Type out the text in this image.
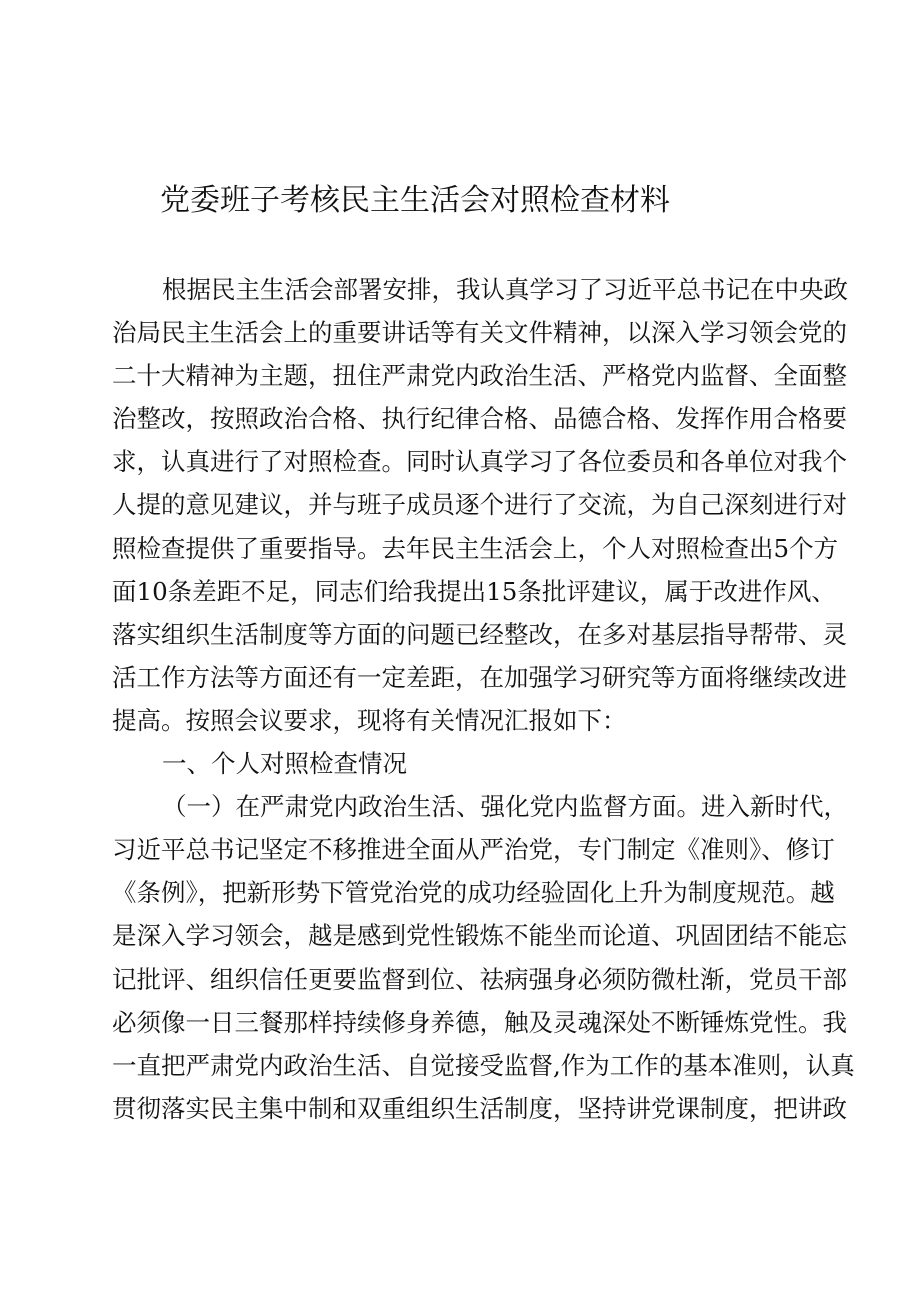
党委班子考核民主生活会对照检查材料
根据民主生活会部署安排，我认真学习了习近平总书记在中央政
治局民主生活会上的重要讲话等有关文件精神，以深入学习领会党的
二十大精神为主题，扭住严肃党内政治生活、严格党内监督、全面整
治整改，按照政治合格、执行纪律合格、品德合格、发挥作用合格要
求，认真进行了对照检查。同时认真学习了各位委员和各单位对我个
人提的意见建议，并与班子成员逐个进行了交流，为自己深刻进行对
照检查提供了重要指导。去年民主生活会上，个人对照检查出5个方
面10条差距不足，同志们给我提出15条批评建议，属于改进作风、
落实组织生活制度等方面的问题已经整改，在多对基层指导帮带、灵
活工作方法等方面还有一定差距，在加强学习研究等方面将继续改进
提高。按照会议要求，现将有关情况汇报如下：
一、个人对照检查情况
（一）在严肃党内政治生活、强化党内监督方面。进入新时代，
习近平总书记坚定不移推进全面从严治党，专门制定《准则》、修订
《条例》，把新形势下管党治党的成功经验固化上升为制度规范。越
是深入学习领会，越是感到党性锻炼不能坐而论道、巩固团结不能忘
记批评、组织信任更要监督到位、祛病强身必须防微杜渐，党员干部
必须像一日三餐那样持续修身养德，触及灵魂深处不断锤炼党性。我
一直把严肃党内政治生活、自觉接受监督,作为工作的基本准则，认真
贯彻落实民主集中制和双重组织生活制度，坚持讲党课制度，把讲政
